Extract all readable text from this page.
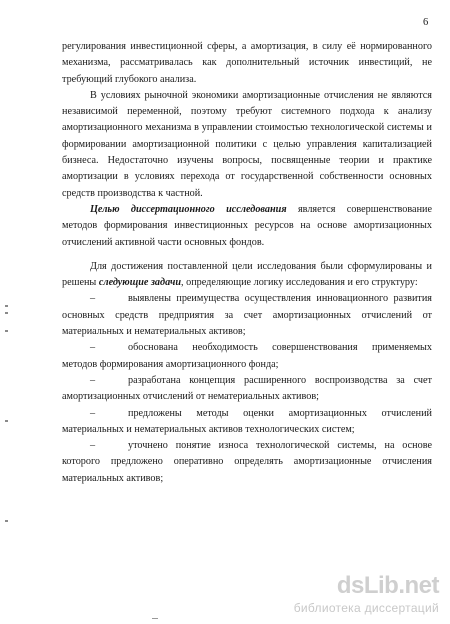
6

регулирования инвестиционной сферы, а амортизация, в силу её нормированного механизма, рассматривалась как дополнительный источник инвестиций, не требующий глубокого анализа.

В условиях рыночной экономики амортизационные отчисления не являются независимой переменной, поэтому требуют системного подхода к анализу амортизационного механизма в управлении стоимостью технологической системы и формировании амортизационной политики с целью управления капитализацией бизнеса. Недостаточно изучены вопросы, посвященные теории и практике амортизации в условиях перехода от государственной собственности основных средств производства к частной.

Целью диссертационного исследования является совершенствование методов формирования инвестиционных ресурсов на основе амортизационных отчислений активной части основных фондов.

Для достижения поставленной цели исследования были сформулированы и решены следующие задачи, определяющие логику исследования и его структуру:

–	выявлены преимущества осуществления инновационного развития основных средств предприятия за счет амортизационных отчислений от материальных и нематериальных активов;

–	обоснована необходимость совершенствования применяемых методов формирования амортизационного фонда;

–	разработана концепция расширенного воспроизводства за счет амортизационных отчислений от нематериальных активов;

–	предложены методы оценки амортизационных отчислений материальных и нематериальных активов технологических систем;

–	уточнено понятие износа технологической системы, на основе которого предложено оперативно определять амортизационные отчисления материальных активов;

dsLib.net
библиотека диссертаций
